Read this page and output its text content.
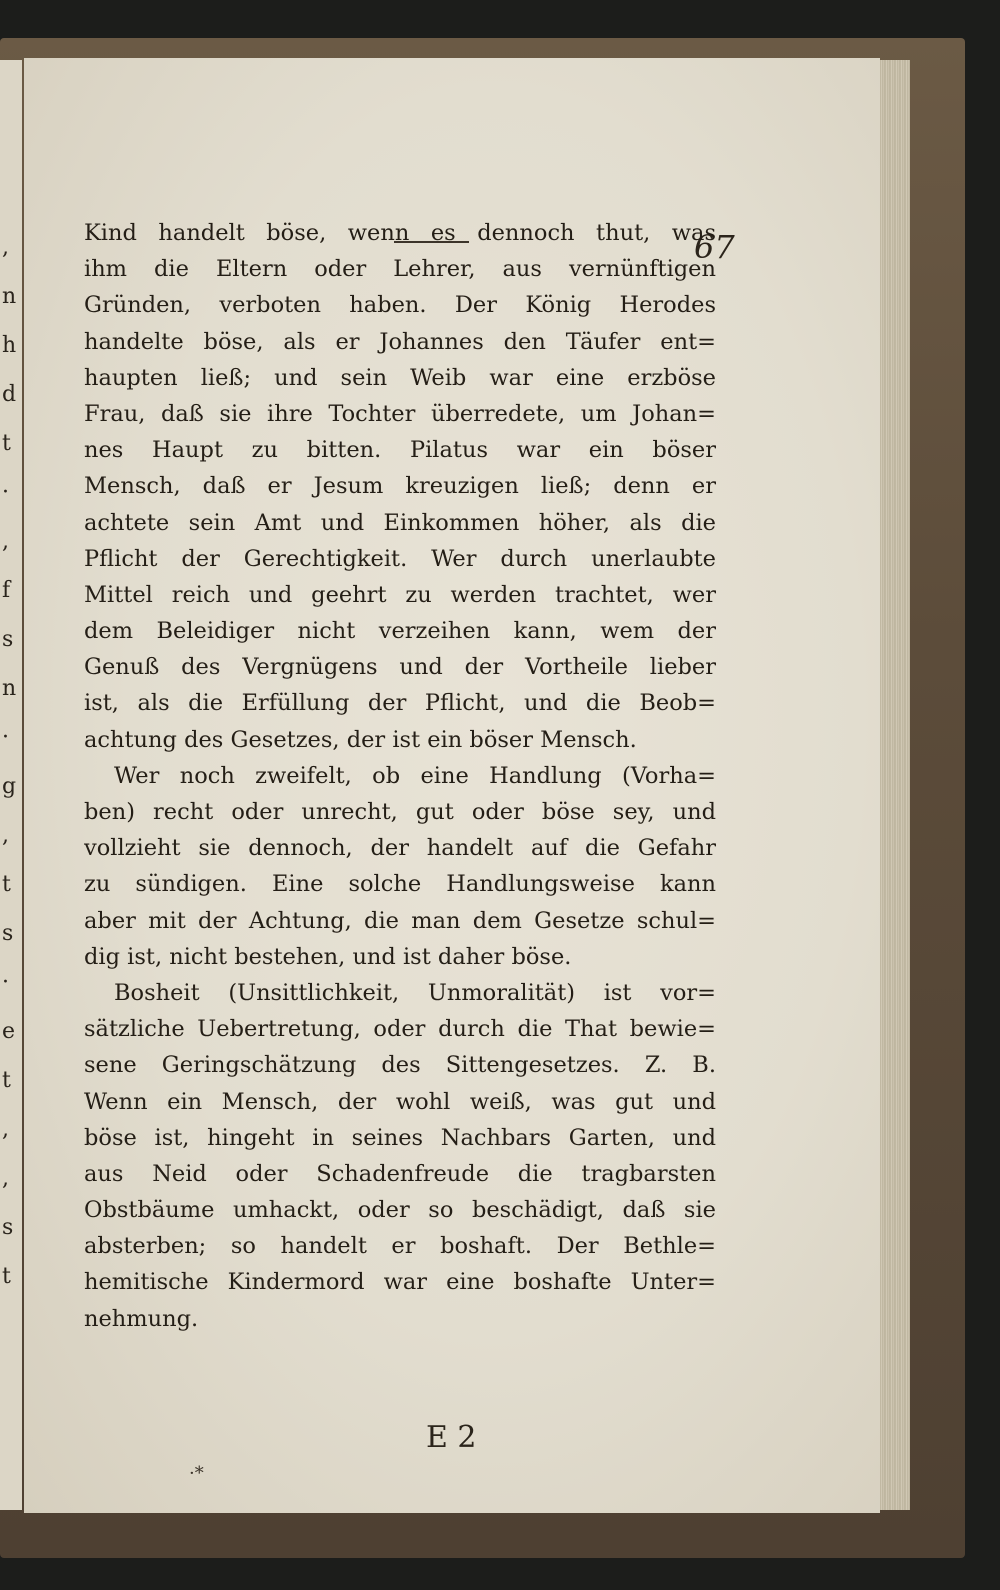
,
n
h
d
t
·
,
f
s
n
·
g
,
t
s
·
e
t
,
,
s
t
67
E 2
·*
Kind handelt böse, wenn es dennoch thut, was
ihm die Eltern oder Lehrer, aus vernünftigen
Gründen, verboten haben. Der König Herodes
handelte böse, als er Johannes den Täufer ent=
haupten ließ; und sein Weib war eine erzböse
Frau, daß sie ihre Tochter überredete, um Johan=
nes Haupt zu bitten. Pilatus war ein böser
Mensch, daß er Jesum kreuzigen ließ; denn er
achtete sein Amt und Einkommen höher, als die
Pflicht der Gerechtigkeit. Wer durch unerlaubte
Mittel reich und geehrt zu werden trachtet, wer
dem Beleidiger nicht verzeihen kann, wem der
Genuß des Vergnügens und der Vortheile lieber
ist, als die Erfüllung der Pflicht, und die Beob=
achtung des Gesetzes, der ist ein böser Mensch.
Wer noch zweifelt, ob eine Handlung (Vorha=
ben) recht oder unrecht, gut oder böse sey, und
vollzieht sie dennoch, der handelt auf die Gefahr
zu sündigen. Eine solche Handlungsweise kann
aber mit der Achtung, die man dem Gesetze schul=
dig ist, nicht bestehen, und ist daher böse.
Bosheit (Unsittlichkeit, Unmoralität) ist vor=
sätzliche Uebertretung, oder durch die That bewie=
sene Geringschätzung des Sittengesetzes. Z. B.
Wenn ein Mensch, der wohl weiß, was gut und
böse ist, hingeht in seines Nachbars Garten, und
aus Neid oder Schadenfreude die tragbarsten
Obstbäume umhackt, oder so beschädigt, daß sie
absterben; so handelt er boshaft. Der Bethle=
hemitische Kindermord war eine boshafte Unter=
nehmung.
